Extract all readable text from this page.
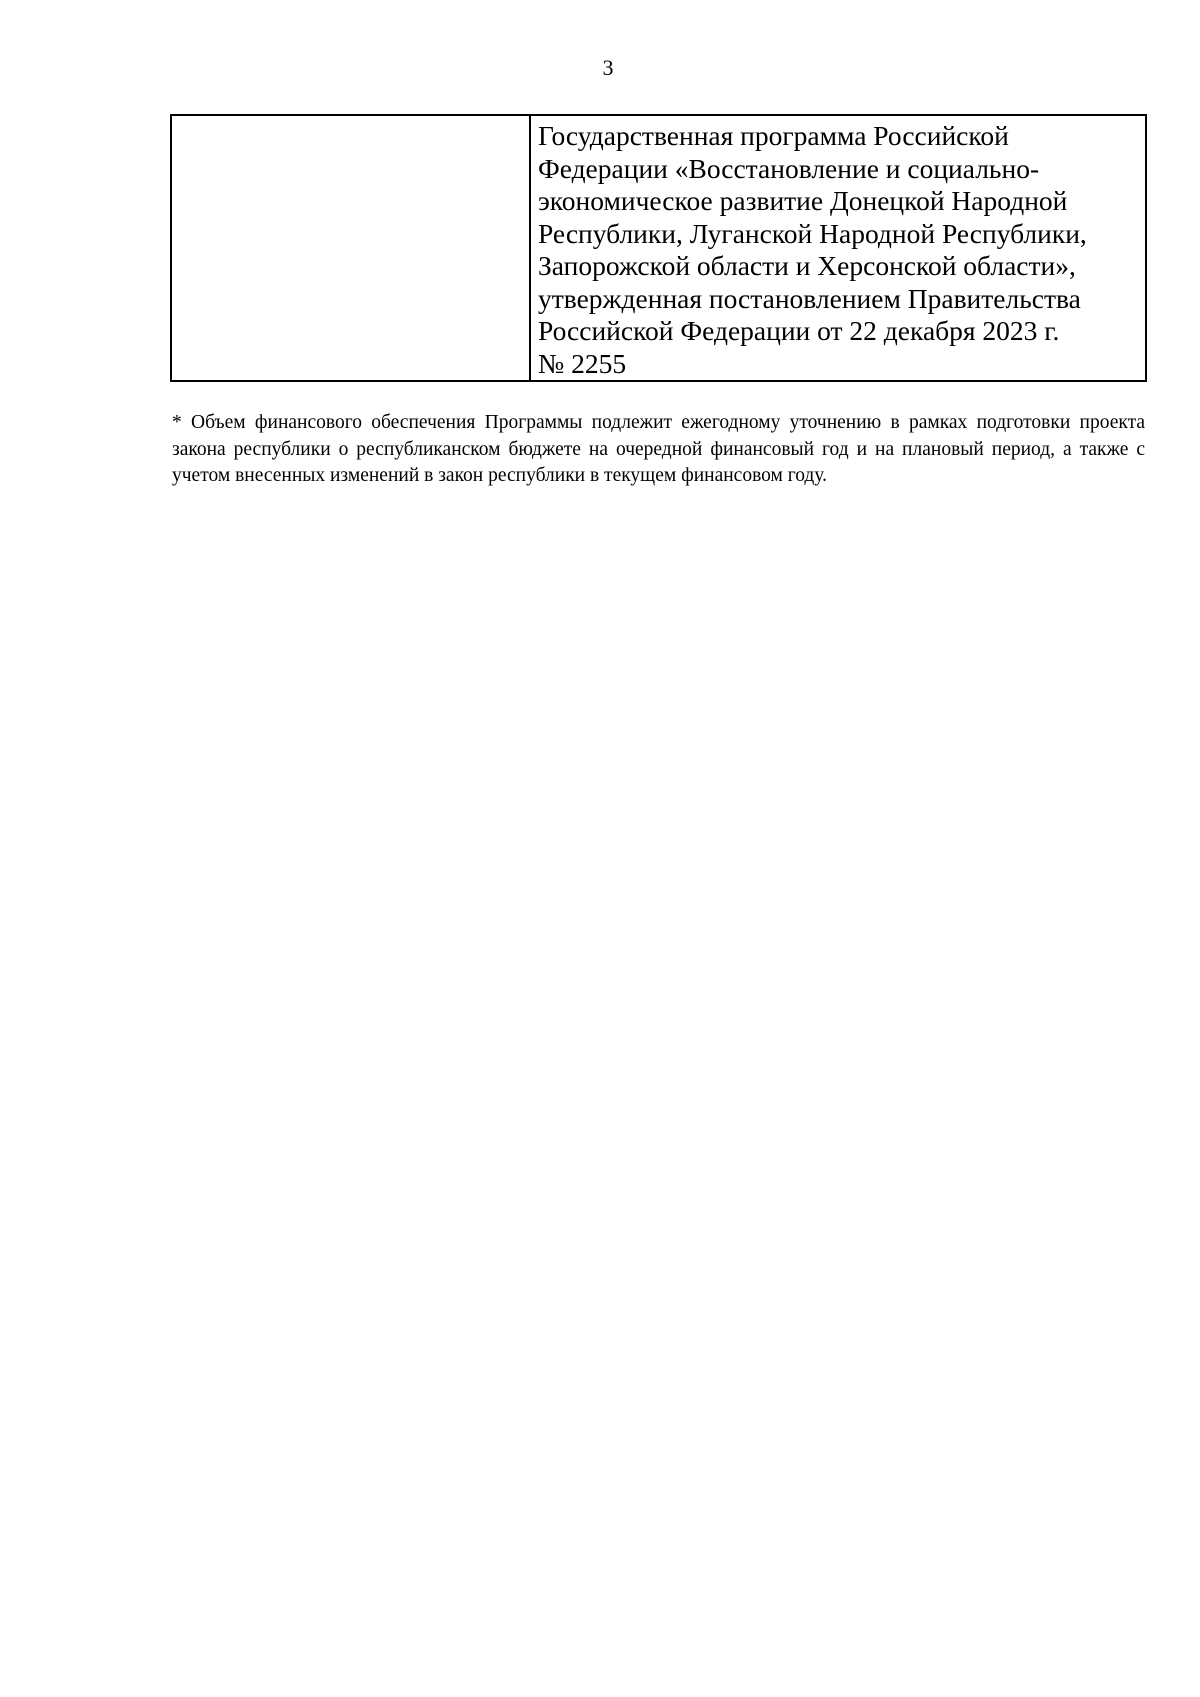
3
	Государственная программа Российской
Федерации «Восстановление и социально-
экономическое развитие Донецкой Народной
Республики, Луганской Народной Республики,
Запорожской области и Херсонской области»,
утвержденная постановлением Правительства
Российской Федерации от 22 декабря 2023 г.
№ 2255
* Объем финансового обеспечения Программы подлежит ежегодному уточнению в рамках подготовки проекта закона республики о республиканском бюджете на очередной финансовый год и на плановый период, а также с учетом внесенных изменений в закон республики в текущем финансовом году.
